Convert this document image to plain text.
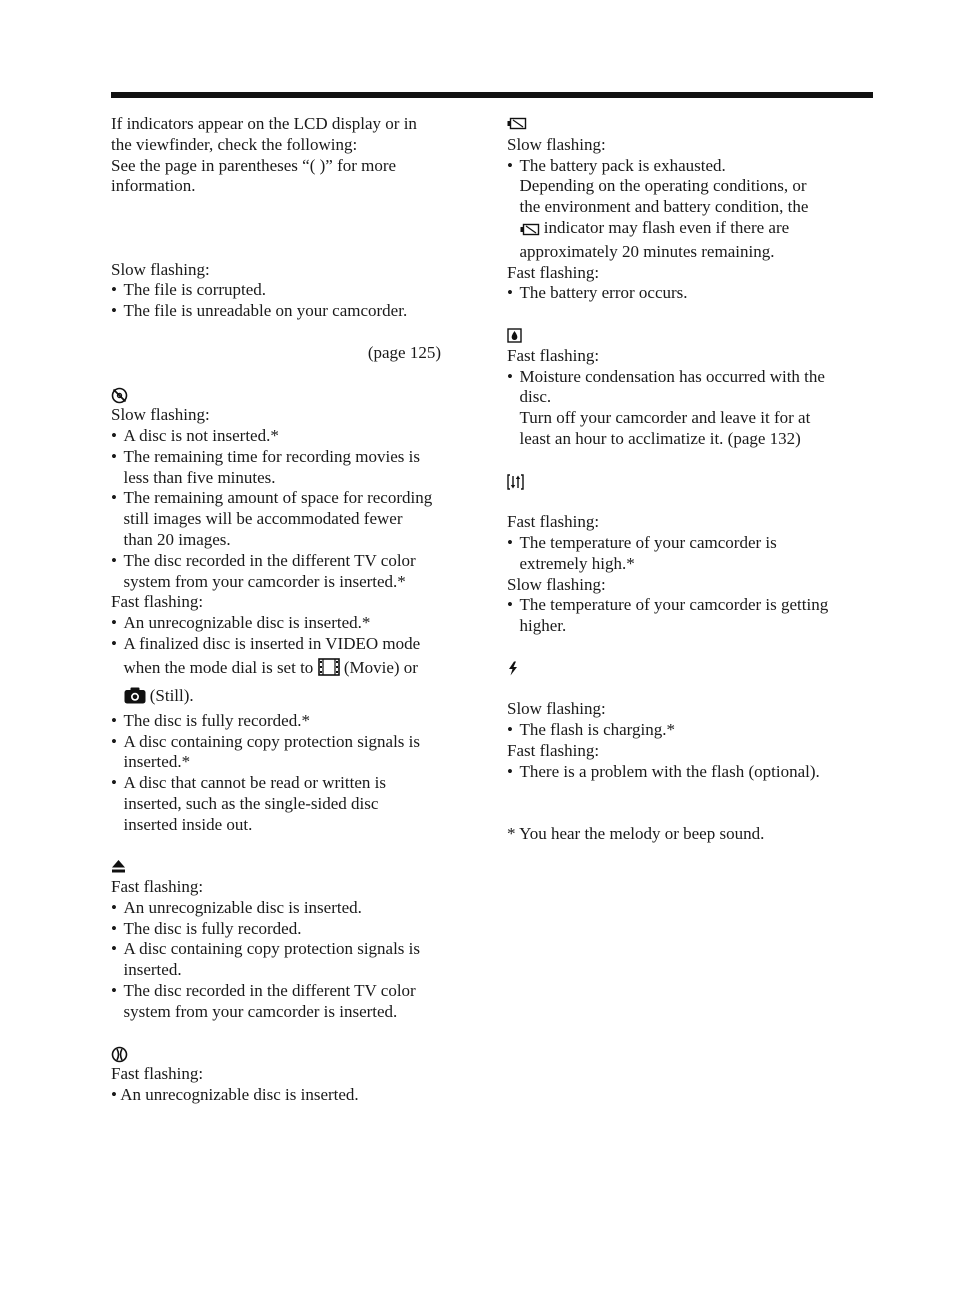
If indicators appear on the LCD display or in

the viewfinder, check the following:

See the page in parentheses “( )” for more

information.

Slow flashing:

• The file is corrupted.

• The file is unreadable on your camcorder.

(page 125)

Slow flashing:

• A disc is not inserted.*

• The remaining time for recording movies is

less than five minutes.

• The remaining amount of space for recording

still images will be accommodated fewer

than 20 images.

• The disc recorded in the different TV color

system from your camcorder is inserted.*

Fast flashing:

• An unrecognizable disc is inserted.*

• A finalized disc is inserted in VIDEO mode

when the mode dial is set to  (Movie) or

(Still).

• The disc is fully recorded.*

• A disc containing copy protection signals is

inserted.*

• A disc that cannot be read or written is

inserted, such as the single-sided disc

inserted inside out.

Fast flashing:

• An unrecognizable disc is inserted.

• The disc is fully recorded.

• A disc containing copy protection signals is

inserted.

• The disc recorded in the different TV color

system from your camcorder is inserted.

Fast flashing:

• An unrecognizable disc is inserted.

Slow flashing:

• The battery pack is exhausted.

Depending on the operating conditions, or

the environment and battery condition, the

indicator may flash even if there are

approximately 20 minutes remaining.

Fast flashing:

• The battery error occurs.

Fast flashing:

• Moisture condensation has occurred with the

disc.

Turn off your camcorder and leave it for at

least an hour to acclimatize it. (page 132)

Fast flashing:

• The temperature of your camcorder is

extremely high.*

Slow flashing:

• The temperature of your camcorder is getting

higher.

Slow flashing:

• The flash is charging.*

Fast flashing:

• There is a problem with the flash (optional).

* You hear the melody or beep sound.
